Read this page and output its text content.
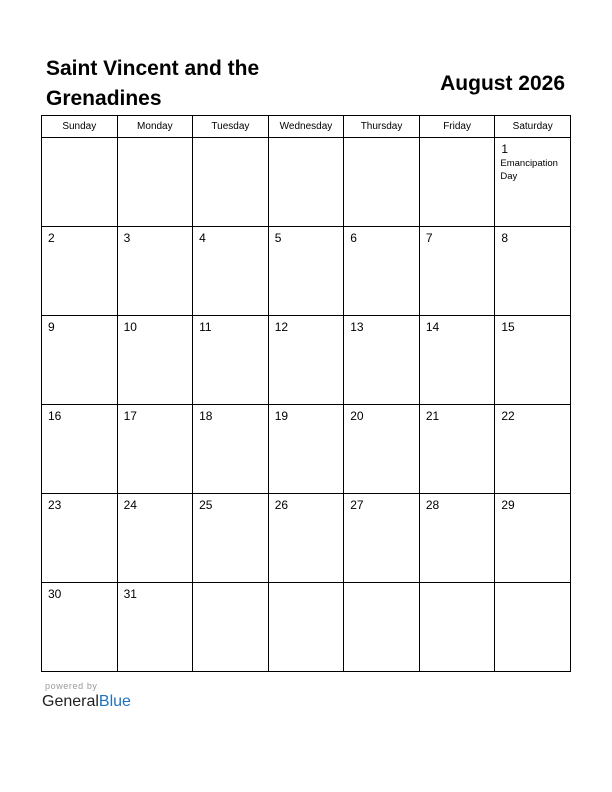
Saint Vincent and the Grenadines
August 2026
Sunday	Monday	Tuesday	Wednesday	Thursday	Friday	Saturday

						1
Emancipation Day

2	3	4	5	6	7	8

9	10	11	12	13	14	15

16	17	18	19	20	21	22

23	24	25	26	27	28	29

30	31					

powered by
GeneralBlue
